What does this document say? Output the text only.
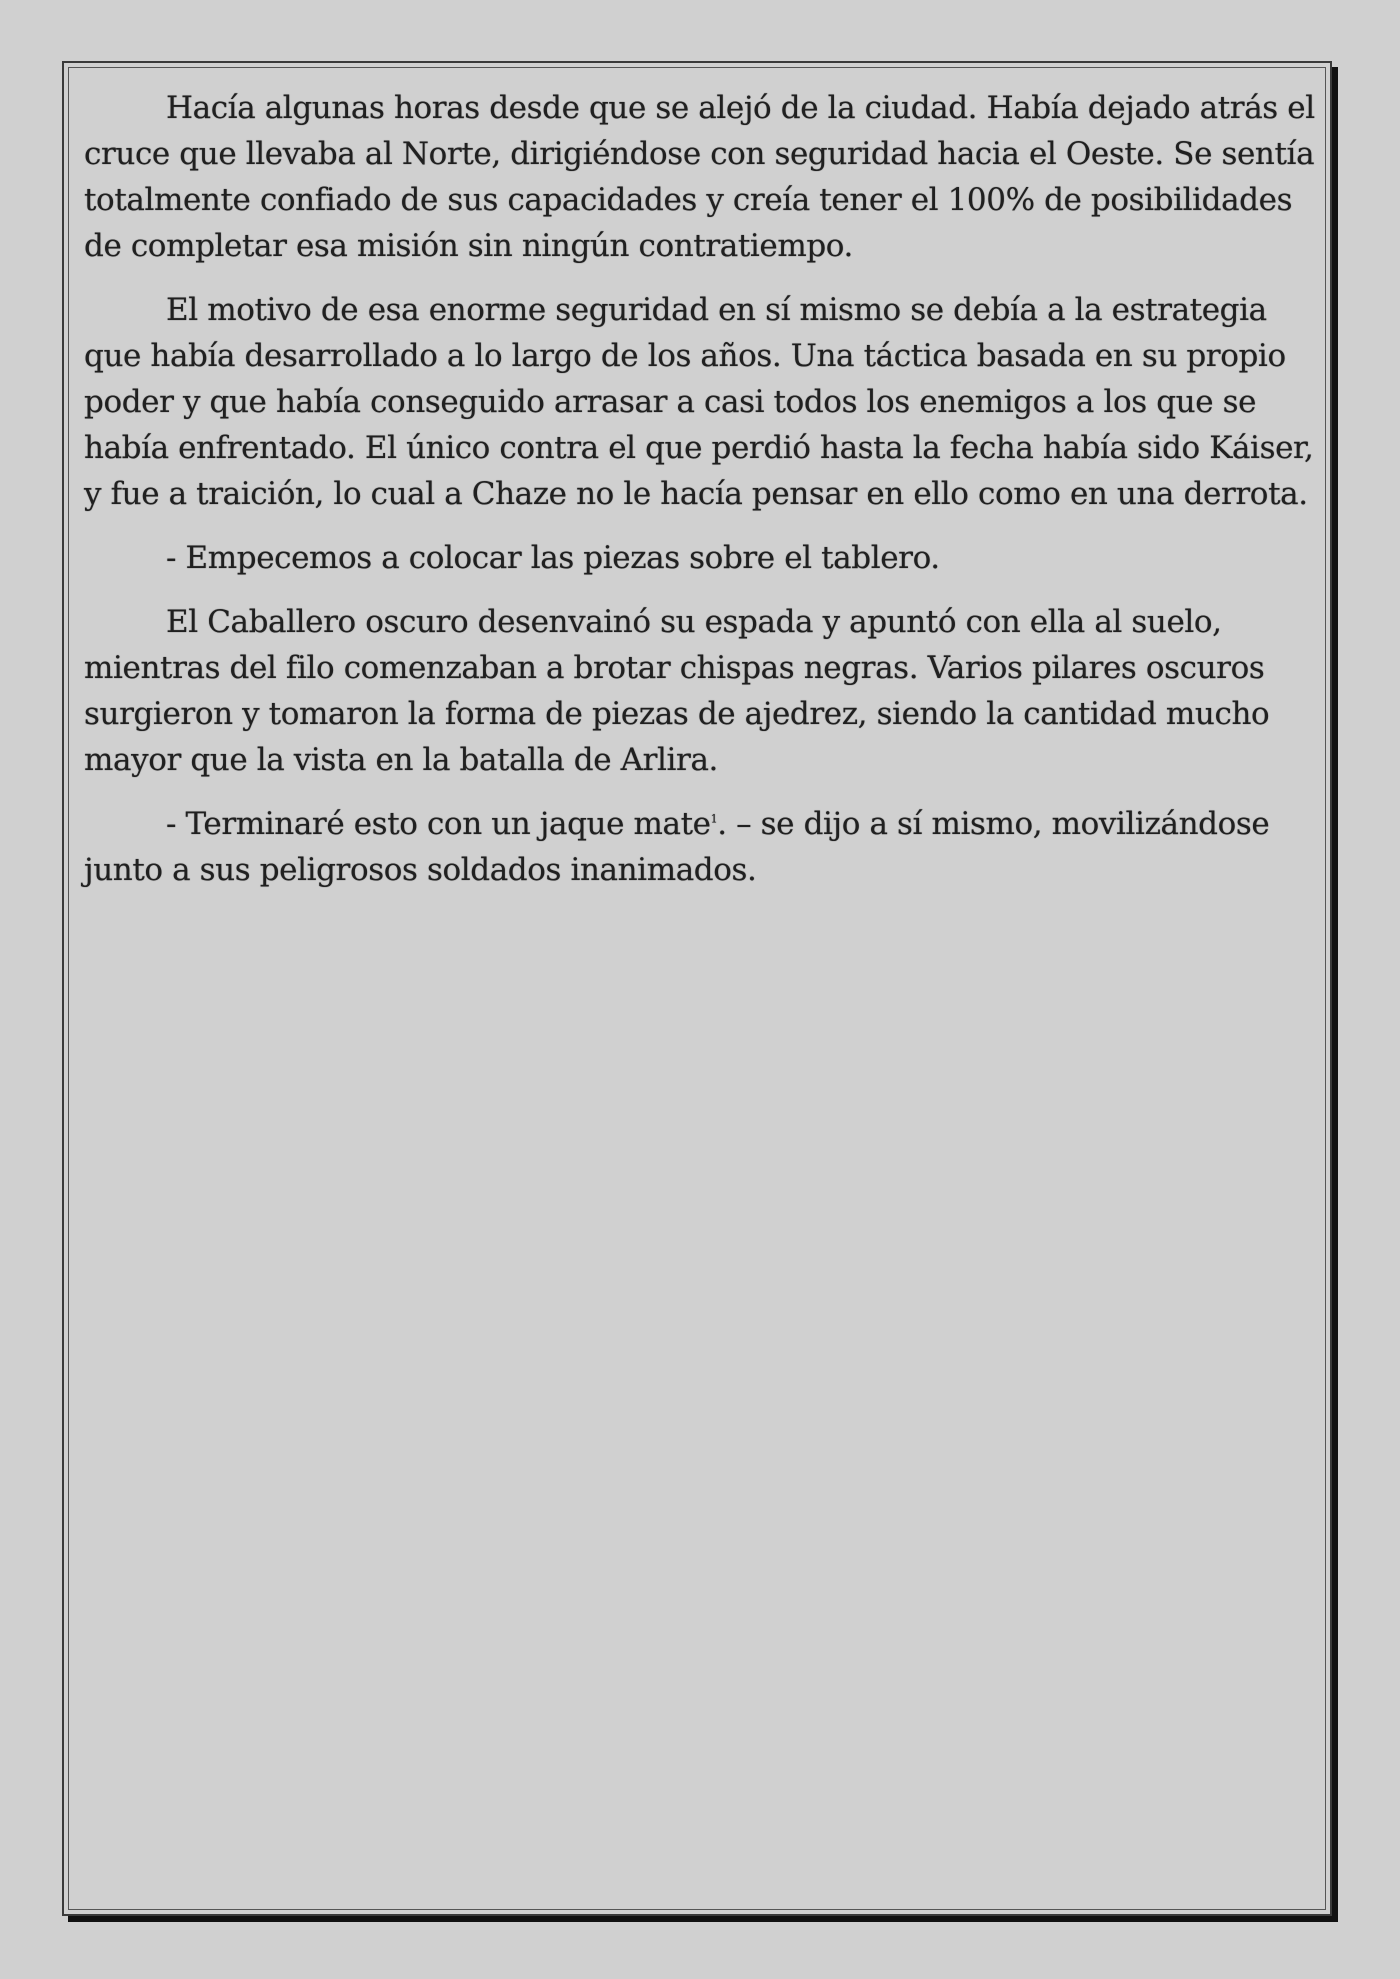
Hacía algunas horas desde que se alejó de la ciudad. Había dejado atrás el cruce que llevaba al Norte, dirigiéndose con seguridad hacia el Oeste. Se sentía totalmente confiado de sus capacidades y creía tener el 100% de posibilidades de completar esa misión sin ningún contratiempo.

El motivo de esa enorme seguridad en sí mismo se debía a la estrategia que había desarrollado a lo largo de los años. Una táctica basada en su propio poder y que había conseguido arrasar a casi todos los enemigos a los que se había enfrentado. El único contra el que perdió hasta la fecha había sido Káiser, y fue a traición, lo cual a Chaze no le hacía pensar en ello como en una derrota.

- Empecemos a colocar las piezas sobre el tablero.

El Caballero oscuro desenvainó su espada y apuntó con ella al suelo, mientras del filo comenzaban a brotar chispas negras. Varios pilares oscuros surgieron y tomaron la forma de piezas de ajedrez, siendo la cantidad mucho mayor que la vista en la batalla de Arlira.

- Terminaré esto con un jaque mate$^1$. – se dijo a sí mismo, movilizándose junto a sus peligrosos soldados inanimados.
